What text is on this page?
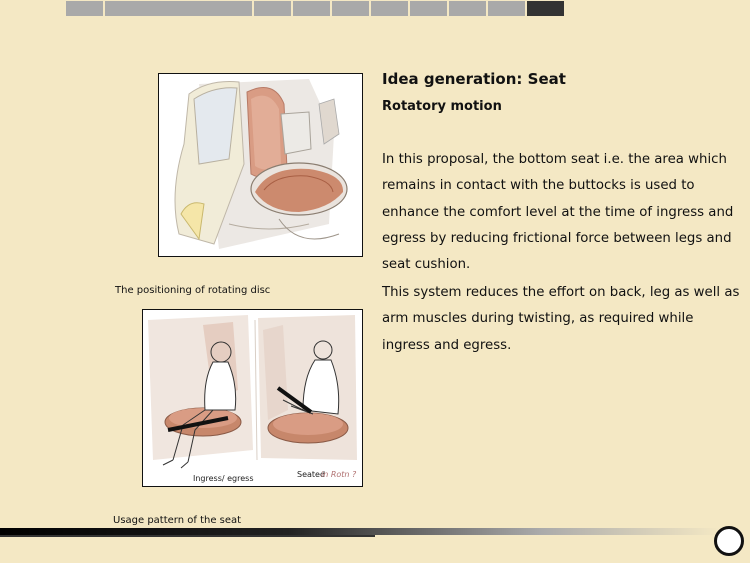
The positioning of rotating disc
Ingress/ egress	Seated
in Rotn ?
Usage pattern of the seat
Idea generation: Seat
Rotatory motion
In this proposal, the bottom seat i.e. the area which remains in contact with the buttocks is used to enhance the comfort level at the time of ingress and egress by reducing frictional force between legs and seat cushion.
This system reduces the effort on back, leg as well as arm muscles during twisting, as required while ingress and egress.
